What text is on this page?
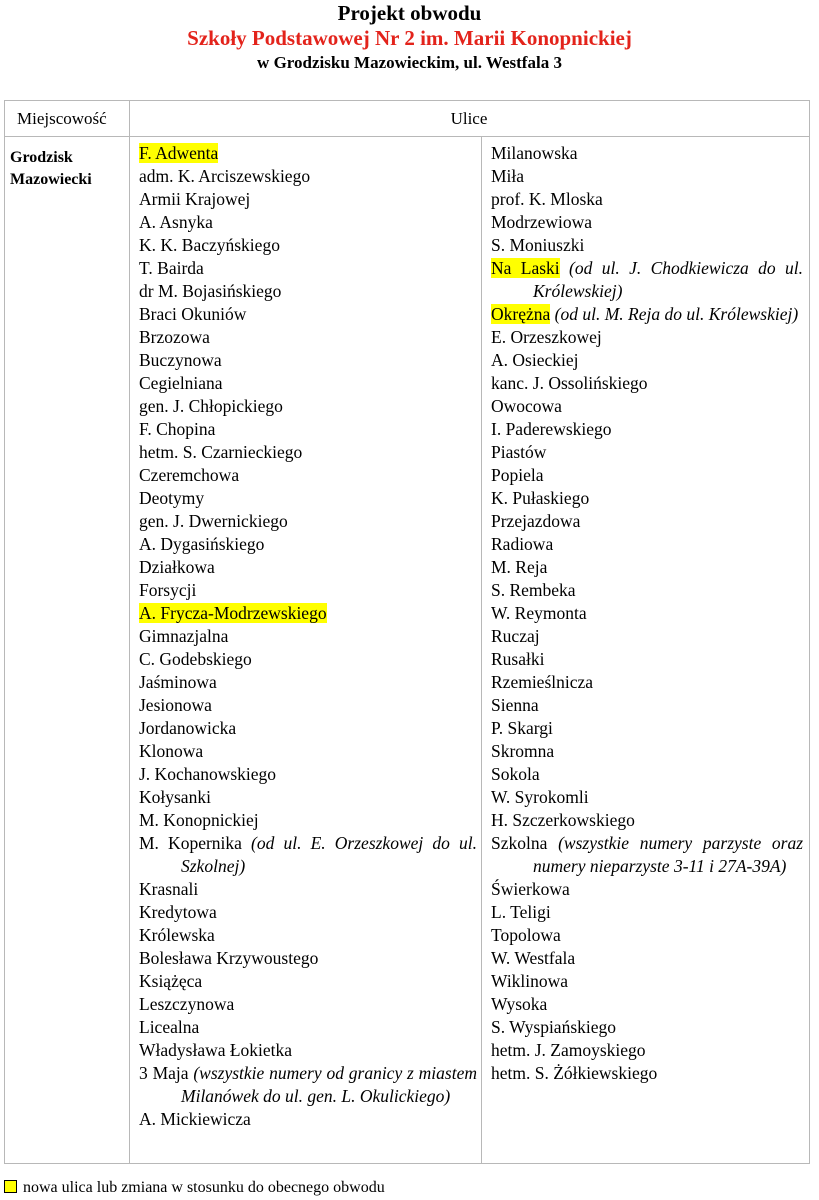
Projekt obwodu
Szkoły Podstawowej Nr 2 im. Marii Konopnickiej
w Grodzisku Mazowieckim, ul. Westfala 3
Miejscowość	Ulice
Grodzisk Mazowiecki
F. Adwenta
adm. K. Arciszewskiego
Armii Krajowej
A. Asnyka
K. K. Baczyńskiego
T. Bairda
dr M. Bojasińskiego
Braci Okuniów
Brzozowa
Buczynowa
Cegielniana
gen. J. Chłopickiego
F. Chopina
hetm. S. Czarnieckiego
Czeremchowa
Deotymy
gen. J. Dwernickiego
A. Dygasińskiego
Działkowa
Forsycji
A. Frycza-Modrzewskiego
Gimnazjalna
C. Godebskiego
Jaśminowa
Jesionowa
Jordanowicka
Klonowa
J. Kochanowskiego
Kołysanki
M. Konopnickiej
M. Kopernika (od ul. E. Orzeszkowej do ul. Szkolnej)
Krasnali
Kredytowa
Królewska
Bolesława Krzywoustego
Książęca
Leszczynowa
Licealna
Władysława Łokietka
3 Maja (wszystkie numery od granicy z miastem Milanówek do ul. gen. L. Okulickiego)
A. Mickiewicza
Milanowska
Miła
prof. K. Mloska
Modrzewiowa
S. Moniuszki
Na Laski (od ul. J. Chodkiewicza do ul. Królewskiej)
Okrężna (od ul. M. Reja do ul. Królewskiej)
E. Orzeszkowej
A. Osieckiej
kanc. J. Ossolińskiego
Owocowa
I. Paderewskiego
Piastów
Popiela
K. Pułaskiego
Przejazdowa
Radiowa
M. Reja
S. Rembeka
W. Reymonta
Ruczaj
Rusałki
Rzemieślnicza
Sienna
P. Skargi
Skromna
Sokola
W. Syrokomli
H. Szczerkowskiego
Szkolna (wszystkie numery parzyste oraz numery nieparzyste 3-11 i 27A-39A)
Świerkowa
L. Teligi
Topolowa
W. Westfala
Wiklinowa
Wysoka
S. Wyspiańskiego
hetm. J. Zamoyskiego
hetm. S. Żółkiewskiego
nowa ulica lub zmiana w stosunku do obecnego obwodu
